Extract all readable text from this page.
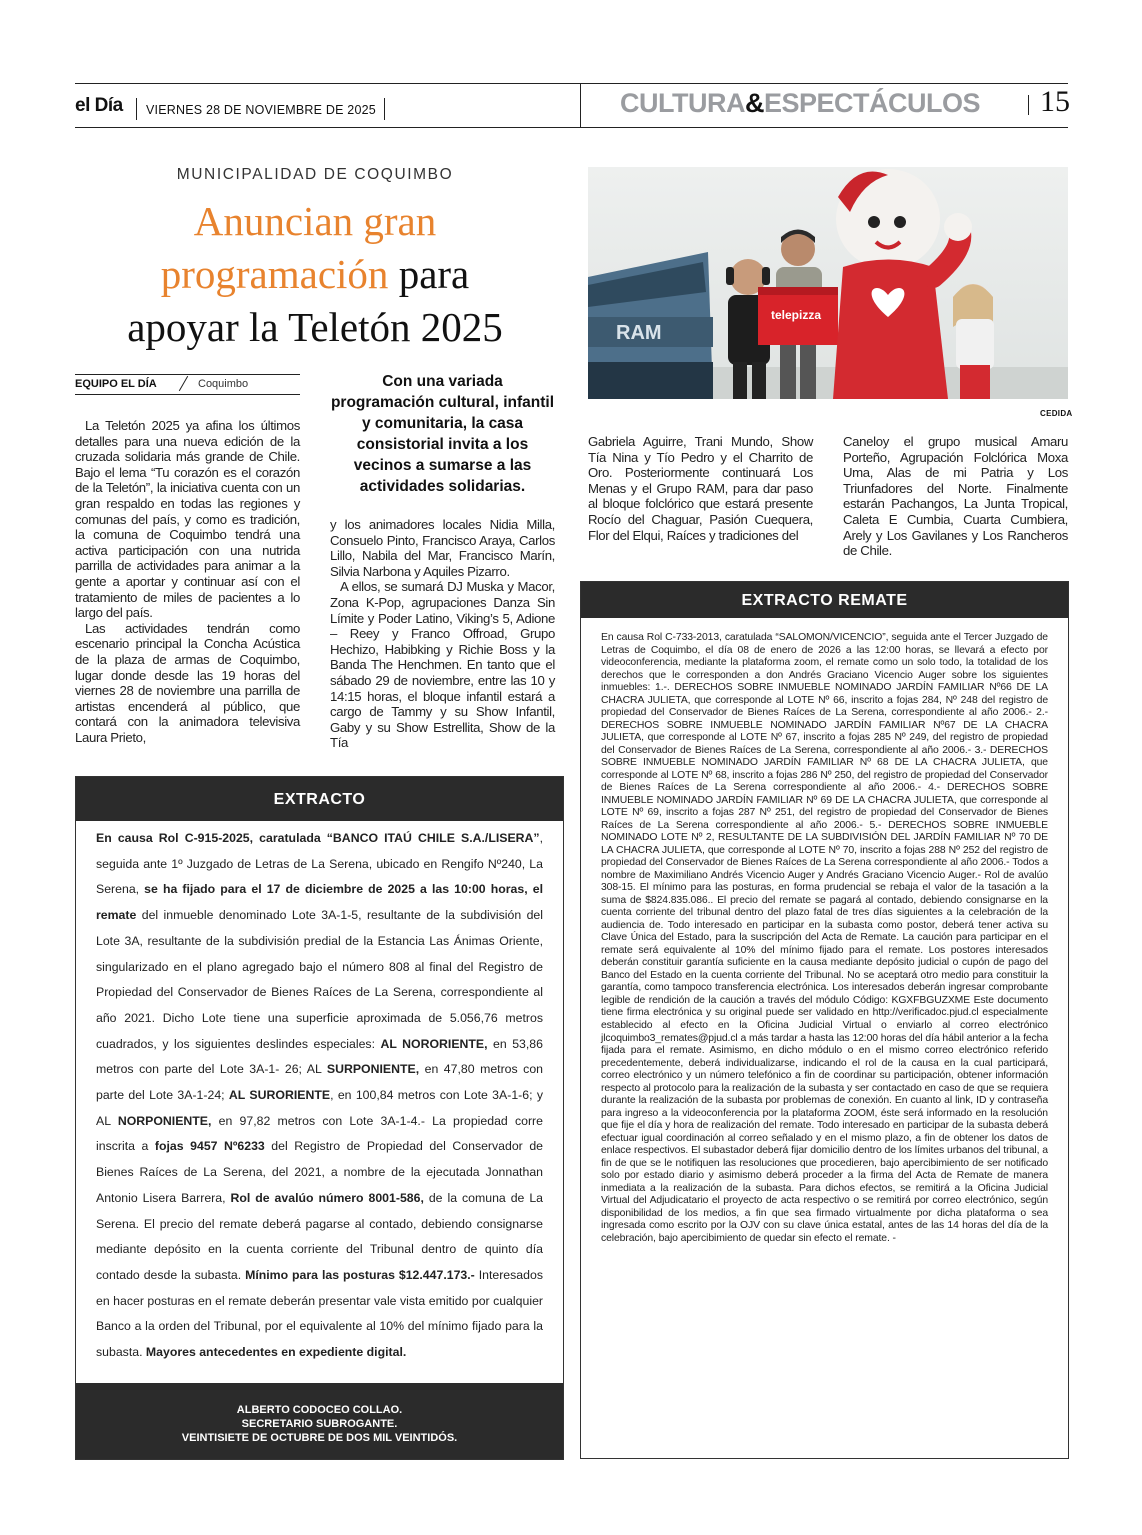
el Día VIERNES 28 DE NOVIEMBRE DE 2025	CULTURA&ESPECTÁCULOS 15
MUNICIPALIDAD DE COQUIMBO
Anuncian gran
programación para
apoyar la Teletón 2025
EQUIPO EL DÍA	Coquimbo	Con una variada programación cultural, infantil y comunitaria, la casa consistorial invita a los vecinos a sumarse a las actividades solidarias.

La Teletón 2025 ya afina los últimos detalles para una nueva edición de la cruzada solidaria más grande de Chile. Bajo el lema “Tu corazón es el corazón de la Teletón”, la iniciativa cuenta con un gran respaldo en todas las regiones y comunas del país, y como es tradición, la comuna de Coquimbo tendrá una activa participación con una nutrida parrilla de actividades para animar a la gente a aportar y continuar así con el tratamiento de miles de pacientes a lo largo del país.

Las actividades tendrán como escenario principal la Concha Acústica de la plaza de armas de Coquimbo, lugar donde desde las 19 horas del viernes 28 de noviembre una parrilla de artistas encenderá al público, que contará con la animadora televisiva Laura Prieto,

y los animadores locales Nidia Milla, Consuelo Pinto, Francisco Araya, Carlos Lillo, Nabila del Mar, Francisco Marín, Silvia Narbona y Aquiles Pizarro.

A ellos, se sumará DJ Muska y Macor, Zona K-Pop, agrupaciones Danza Sin Límite y Poder Latino, Viking’s 5, Adione – Reey y Franco Offroad, Grupo Hechizo, Habibking y Richie Boss y la Banda The Henchmen. En tanto que el sábado 29 de noviembre, entre las 10 y 14:15 horas, el bloque infantil estará a cargo de Tammy y su Show Infantil, Gaby y su Show Estrellita, Show de la Tía

RAM
telepizza
CEDIDA

Gabriela Aguirre, Trani Mundo, Show Tía Nina y Tío Pedro y el Charrito de Oro. Posteriormente continuará Los Menas y el Grupo RAM, para dar paso al bloque folclórico que estará presente Rocío del Chaguar, Pasión Cuequera, Flor del Elqui, Raíces y tradiciones del

Caneloy el grupo musical Amaru Porteño, Agrupación Folclórica Moxa Uma, Alas de mi Patria y Los Triunfadores del Norte. Finalmente estarán Pachangos, La Junta Tropical, Caleta E Cumbia, Cuarta Cumbiera, Arely y Los Gavilanes y Los Rancheros de Chile.

EXTRACTO REMATE
En causa Rol C-733-2013, caratulada “SALOMON/VICENCIO”, seguida ante el Tercer Juzgado de Letras de Coquimbo, el día 08 de enero de 2026 a las 12:00 horas, se llevará a efecto por videoconferencia, mediante la plataforma zoom, el remate como un solo todo, la totalidad de los derechos que le corresponden a don Andrés Graciano Vicencio Auger sobre los siguientes inmuebles: 1.-. DERECHOS SOBRE INMUEBLE NOMINADO JARDÍN FAMILIAR Nº66 DE LA CHACRA JULIETA, que corresponde al LOTE Nº 66, inscrito a fojas 284, Nº 248 del registro de propiedad del Conservador de Bienes Raíces de La Serena, correspondiente al año 2006.- 2.- DERECHOS SOBRE INMUEBLE NOMINADO JARDÍN FAMILIAR Nº67 DE LA CHACRA JULIETA, que corresponde al LOTE Nº 67, inscrito a fojas 285 Nº 249, del registro de propiedad del Conservador de Bienes Raíces de La Serena, correspondiente al año 2006.- 3.- DERECHOS SOBRE INMUEBLE NOMINADO JARDÍN FAMILIAR Nº 68 DE LA CHACRA JULIETA, que corresponde al LOTE Nº 68, inscrito a fojas 286 Nº 250, del registro de propiedad del Conservador de Bienes Raíces de La Serena correspondiente al año 2006.- 4.- DERECHOS SOBRE INMUEBLE NOMINADO JARDÍN FAMILIAR Nº 69 DE LA CHACRA JULIETA, que corresponde al LOTE Nº 69, inscrito a fojas 287 Nº 251, del registro de propiedad del Conservador de Bienes Raíces de La Serena correspondiente al año 2006.- 5.- DERECHOS SOBRE INMUEBLE NOMINADO LOTE Nº 2, RESULTANTE DE LA SUBDIVISIÓN DEL JARDÍN FAMILIAR Nº 70 DE LA CHACRA JULIETA, que corresponde al LOTE Nº 70, inscrito a fojas 288 Nº 252 del registro de propiedad del Conservador de Bienes Raíces de La Serena correspondiente al año 2006.- Todos a nombre de Maximiliano Andrés Vicencio Auger y Andrés Graciano Vicencio Auger.- Rol de avalúo 308-15. El mínimo para las posturas, en forma prudencial se rebaja el valor de la tasación a la suma de $824.835.086.. El precio del remate se pagará al contado, debiendo consignarse en la cuenta corriente del tribunal dentro del plazo fatal de tres días siguientes a la celebración de la audiencia de. Todo interesado en participar en la subasta como postor, deberá tener activa su Clave Única del Estado, para la suscripción del Acta de Remate. La caución para participar en el remate será equivalente al 10% del mínimo fijado para el remate. Los postores interesados deberán constituir garantía suficiente en la causa mediante depósito judicial o cupón de pago del Banco del Estado en la cuenta corriente del Tribunal. No se aceptará otro medio para constituir la garantía, como tampoco transferencia electrónica. Los interesados deberán ingresar comprobante legible de rendición de la caución a través del módulo Código: KGXFBGUZXME Este documento tiene firma electrónica y su original puede ser validado en http://verificadoc.pjud.cl especialmente establecido al efecto en la Oficina Judicial Virtual o enviarlo al correo electrónico jlcoquimbo3_remates@pjud.cl a más tardar a hasta las 12:00 horas del día hábil anterior a la fecha fijada para el remate. Asimismo, en dicho módulo o en el mismo correo electrónico referido precedentemente, deberá individualizarse, indicando el rol de la causa en la cual participará, correo electrónico y un número telefónico a fin de coordinar su participación, obtener información respecto al protocolo para la realización de la subasta y ser contactado en caso de que se requiera durante la realización de la subasta por problemas de conexión. En cuanto al link, ID y contraseña para ingreso a la videoconferencia por la plataforma ZOOM, éste será informado en la resolución que fije el día y hora de realización del remate. Todo interesado en participar de la subasta deberá efectuar igual coordinación al correo señalado y en el mismo plazo, a fin de obtener los datos de enlace respectivos. El subastador deberá fijar domicilio dentro de los límites urbanos del tribunal, a fin de que se le notifiquen las resoluciones que procedieren, bajo apercibimiento de ser notificado solo por estado diario y asimismo deberá proceder a la firma del Acta de Remate de manera inmediata a la realización de la subasta. Para dichos efectos, se remitirá a la Oficina Judicial Virtual del Adjudicatario el proyecto de acta respectivo o se remitirá por correo electrónico, según disponibilidad de los medios, a fin que sea firmado virtualmente por dicha plataforma o sea ingresada como escrito por la OJV con su clave única estatal, antes de las 14 horas del día de la celebración, bajo apercibimiento de quedar sin efecto el remate. -
EXTRACTO
En causa Rol C-915-2025, caratulada “BANCO ITAÚ CHILE S.A./LISERA”, seguida ante 1º Juzgado de Letras de La Serena, ubicado en Rengifo Nº240, La Serena, se ha fijado para el 17 de diciembre de 2025 a las 10:00 horas, el remate del inmueble denominado Lote 3A-1-5, resultante de la subdivisión del Lote 3A, resultante de la subdivisión predial de la Estancia Las Ánimas Oriente, singularizado en el plano agregado bajo el número 808 al final del Registro de Propiedad del Conservador de Bienes Raíces de La Serena, correspondiente al año 2021. Dicho Lote tiene una superficie aproximada de 5.056,76 metros cuadrados, y los siguientes deslindes especiales: AL NORORIENTE, en 53,86 metros con parte del Lote 3A-1- 26; AL SURPONIENTE, en 47,80 metros con parte del Lote 3A-1-24; AL SURORIENTE, en 100,84 metros con Lote 3A-1-6; y AL NORPONIENTE, en 97,82 metros con Lote 3A-1-4.- La propiedad corre inscrita a fojas 9457 Nº6233 del Registro de Propiedad del Conservador de Bienes Raíces de La Serena, del 2021, a nombre de la ejecutada Jonnathan Antonio Lisera Barrera, Rol de avalúo número 8001-586, de la comuna de La Serena. El precio del remate deberá pagarse al contado, debiendo consignarse mediante depósito en la cuenta corriente del Tribunal dentro de quinto día contado desde la subasta. Mínimo para las posturas $12.447.173.- Interesados en hacer posturas en el remate deberán presentar vale vista emitido por cualquier Banco a la orden del Tribunal, por el equivalente al 10% del mínimo fijado para la subasta. Mayores antecedentes en expediente digital.
ALBERTO CODOCEO COLLAO.
SECRETARIO SUBROGANTE.
VEINTISIETE DE OCTUBRE DE DOS MIL VEINTIDÓS.
